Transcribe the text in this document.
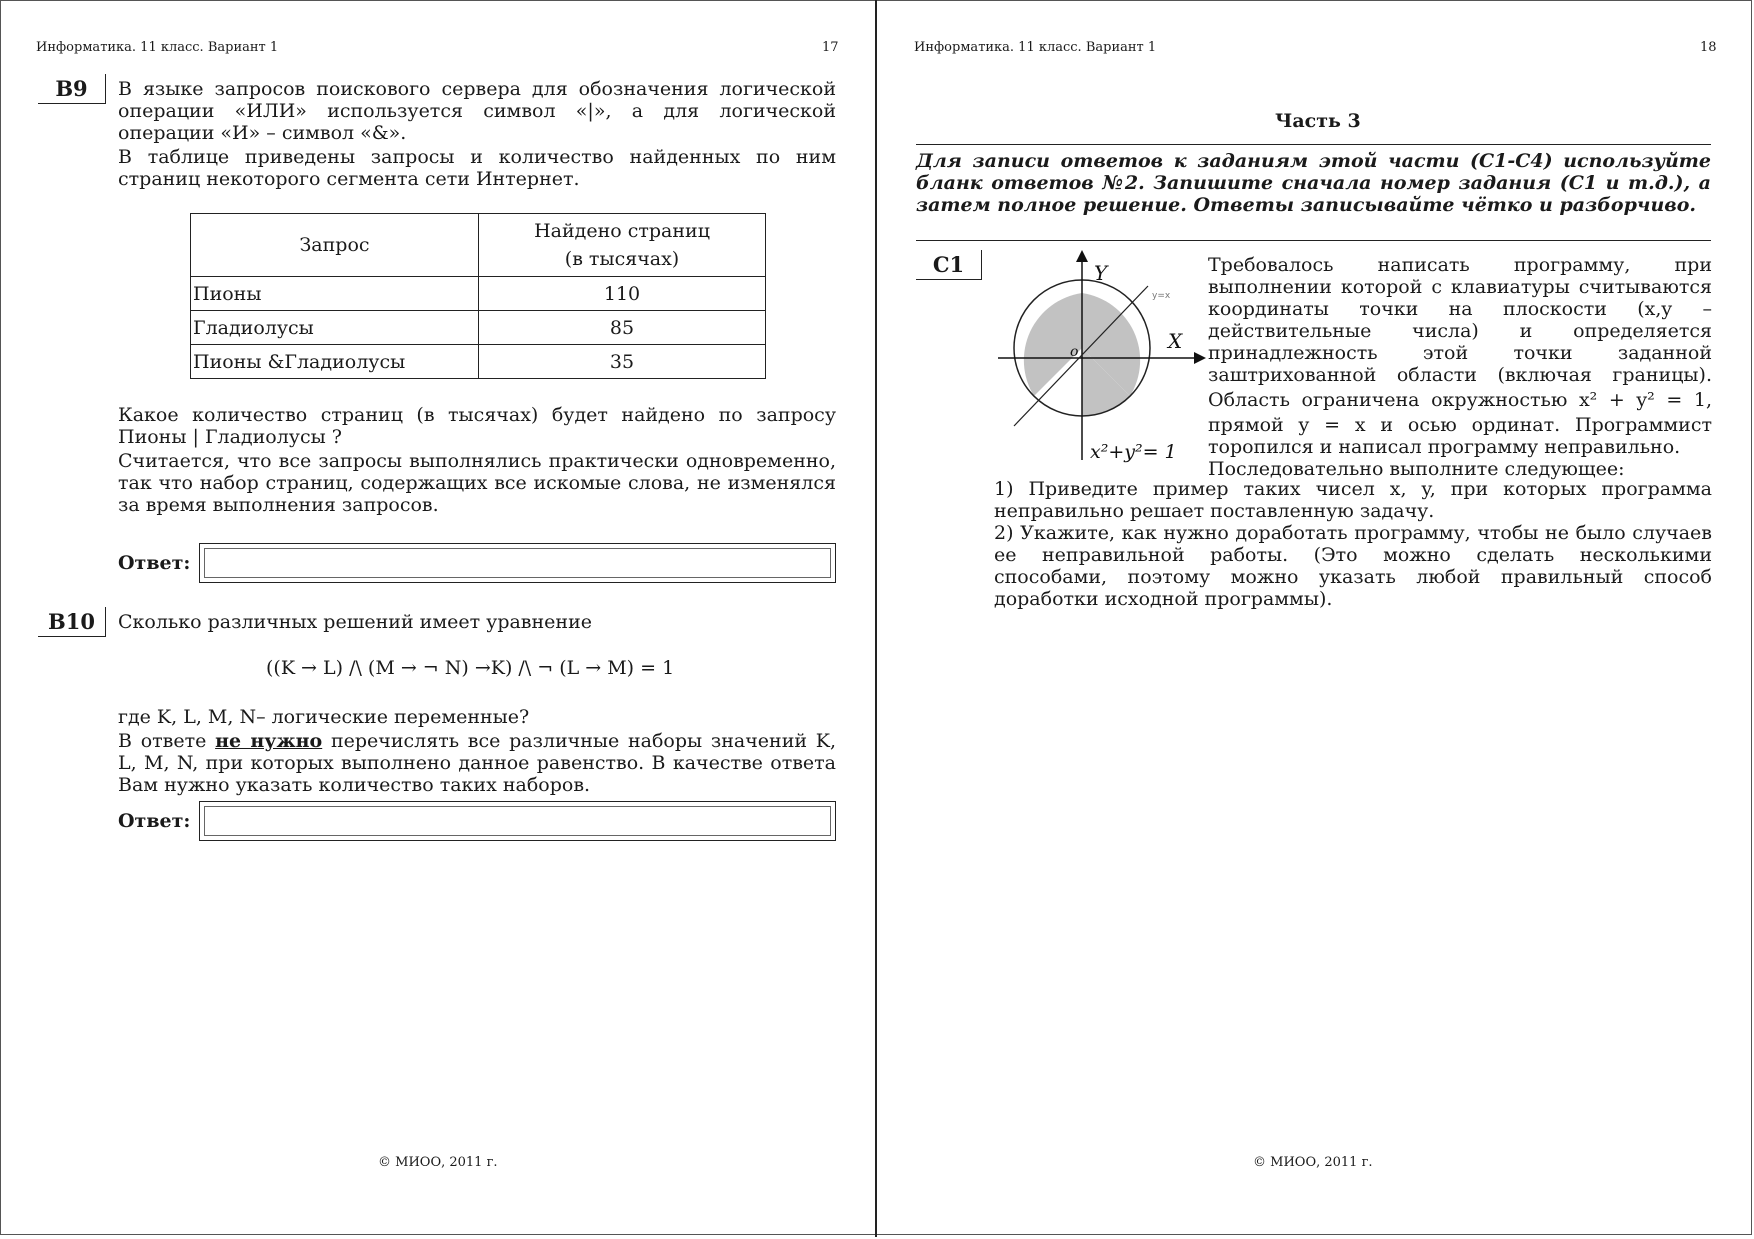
Информатика. 11 класс. Вариант 1	17
B9	В языке запросов поискового сервера для обозначения логической операции «ИЛИ» используется символ «|», а для логической операции «И» – символ «&».
В таблице приведены запросы и количество найденных по ним страниц некоторого сегмента сети Интернет.
Запрос	Найдено страниц
(в тысячах)
Пионы	110
Гладиолусы	85
Пионы &Гладиолусы	35
Какое количество страниц (в тысячах) будет найдено по запросу
Пионы | Гладиолусы ?
Считается, что все запросы выполнялись практически одновременно, так что набор страниц, содержащих все искомые слова, не изменялся за время выполнения запросов.
Ответ:
B10	Сколько различных решений имеет уравнение
((K → L) /\ (M → ¬ N) →K) /\ ¬ (L → M) = 1
где K, L, M, N– логические переменные?
В ответе не нужно перечислять все различные наборы значений K, L, M, N, при которых выполнено данное равенство. В качестве ответа Вам нужно указать количество таких наборов.
Ответ:
© МИОО, 2011 г.
Информатика. 11 класс. Вариант 1	18
Часть 3
Для записи ответов к заданиям этой части (С1-С4) используйте бланк ответов №2. Запишите сначала номер задания (С1 и т.д.), а затем полное решение. Ответы записывайте чётко и разборчиво.
C1	Y
X
o
y=x
x²+y²= 1
Требовалось написать программу, при
выполнении которой с клавиатуры считываются
координаты точки на плоскости (x,y –
действительные числа) и определяется
принадлежность этой точки заданной
заштрихованной области (включая границы).
Область ограничена окружностью x² + y² = 1,
прямой y = x и осью ординат. Программист
торопился и написал программу неправильно.
Последовательно выполните следующее:
1) Приведите пример таких чисел x, y, при которых программа неправильно решает поставленную задачу.
2) Укажите, как нужно доработать программу, чтобы не было случаев ее неправильной работы. (Это можно сделать несколькими способами, поэтому можно указать любой правильный способ доработки исходной программы).
© МИОО, 2011 г.
